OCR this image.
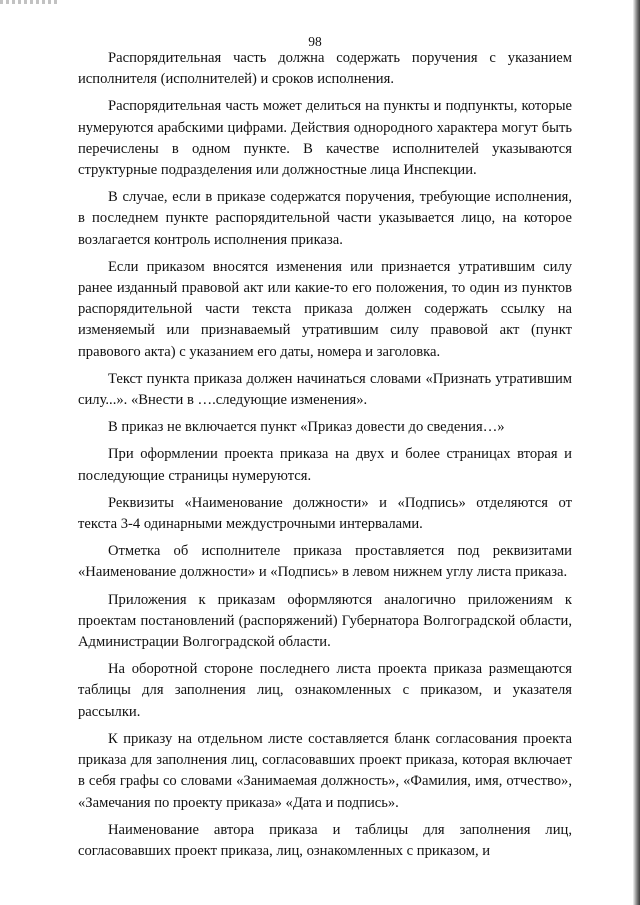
98

Распорядительная часть должна содержать поручения с указанием исполнителя (исполнителей) и сроков исполнения.

Распорядительная часть может делиться на пункты и подпункты, которые нумеруются арабскими цифрами. Действия однородного характера могут быть перечислены в одном пункте. В качестве исполнителей указываются структурные подразделения или должностные лица Инспекции.

В случае, если в приказе содержатся поручения, требующие исполнения, в последнем пункте распорядительной части указывается лицо, на которое возлагается контроль исполнения приказа.

Если приказом вносятся изменения или признается утратившим силу ранее изданный правовой акт или какие-то его положения, то один из пунктов распорядительной части текста приказа должен содержать ссылку на изменяемый или признаваемый утратившим силу правовой акт (пункт правового акта) с указанием его даты, номера и заголовка.

Текст пункта приказа должен начинаться словами «Признать утратившим силу...». «Внести в ….следующие изменения».

В приказ не включается пункт «Приказ довести до сведения…»

При оформлении проекта приказа на двух и более страницах вторая и последующие страницы нумеруются.

Реквизиты «Наименование должности» и «Подпись» отделяются от текста 3-4 одинарными междустрочными интервалами.

Отметка об исполнителе приказа проставляется под реквизитами «Наименование должности» и «Подпись» в левом нижнем углу листа приказа.

Приложения к приказам оформляются аналогично приложениям к проектам постановлений (распоряжений) Губернатора Волгоградской области, Администрации Волгоградской области.

На оборотной стороне последнего листа проекта приказа размещаются таблицы для заполнения лиц, ознакомленных с приказом, и указателя рассылки.

К приказу на отдельном листе составляется бланк согласования проекта приказа для заполнения лиц, согласовавших проект приказа, которая включает в себя графы со словами «Занимаемая должность», «Фамилия, имя, отчество», «Замечания по проекту приказа» «Дата и подпись».

Наименование автора приказа и таблицы для заполнения лиц, согласовавших проект приказа, лиц, ознакомленных с приказом, и
